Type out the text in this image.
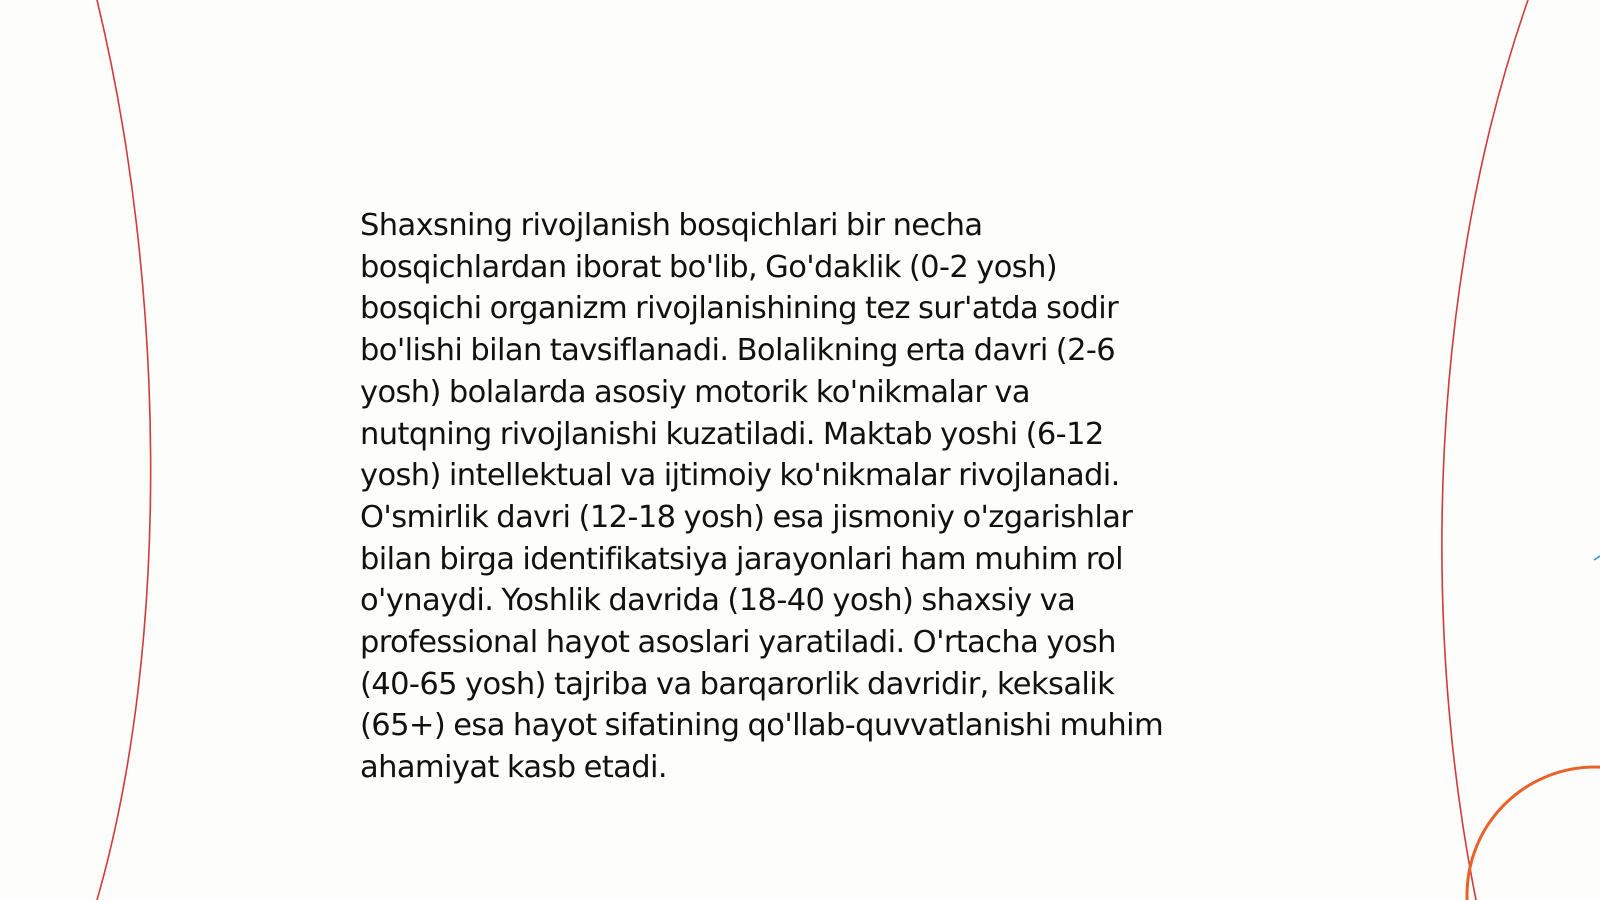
Shaxsning rivojlanish bosqichlari bir necha
bosqichlardan iborat bo'lib, Go'daklik (0-2 yosh)
bosqichi organizm rivojlanishining tez sur'atda sodir
bo'lishi bilan tavsiflanadi. Bolalikning erta davri (2-6
yosh) bolalarda asosiy motorik ko'nikmalar va
nutqning rivojlanishi kuzatiladi. Maktab yoshi (6-12
yosh) intellektual va ijtimoiy ko'nikmalar rivojlanadi.
O'smirlik davri (12-18 yosh) esa jismoniy o'zgarishlar
bilan birga identifikatsiya jarayonlari ham muhim rol
o'ynaydi. Yoshlik davrida (18-40 yosh) shaxsiy va
professional hayot asoslari yaratiladi. O'rtacha yosh
(40-65 yosh) tajriba va barqarorlik davridir, keksalik
(65+) esa hayot sifatining qo'llab-quvvatlanishi muhim
ahamiyat kasb etadi.
